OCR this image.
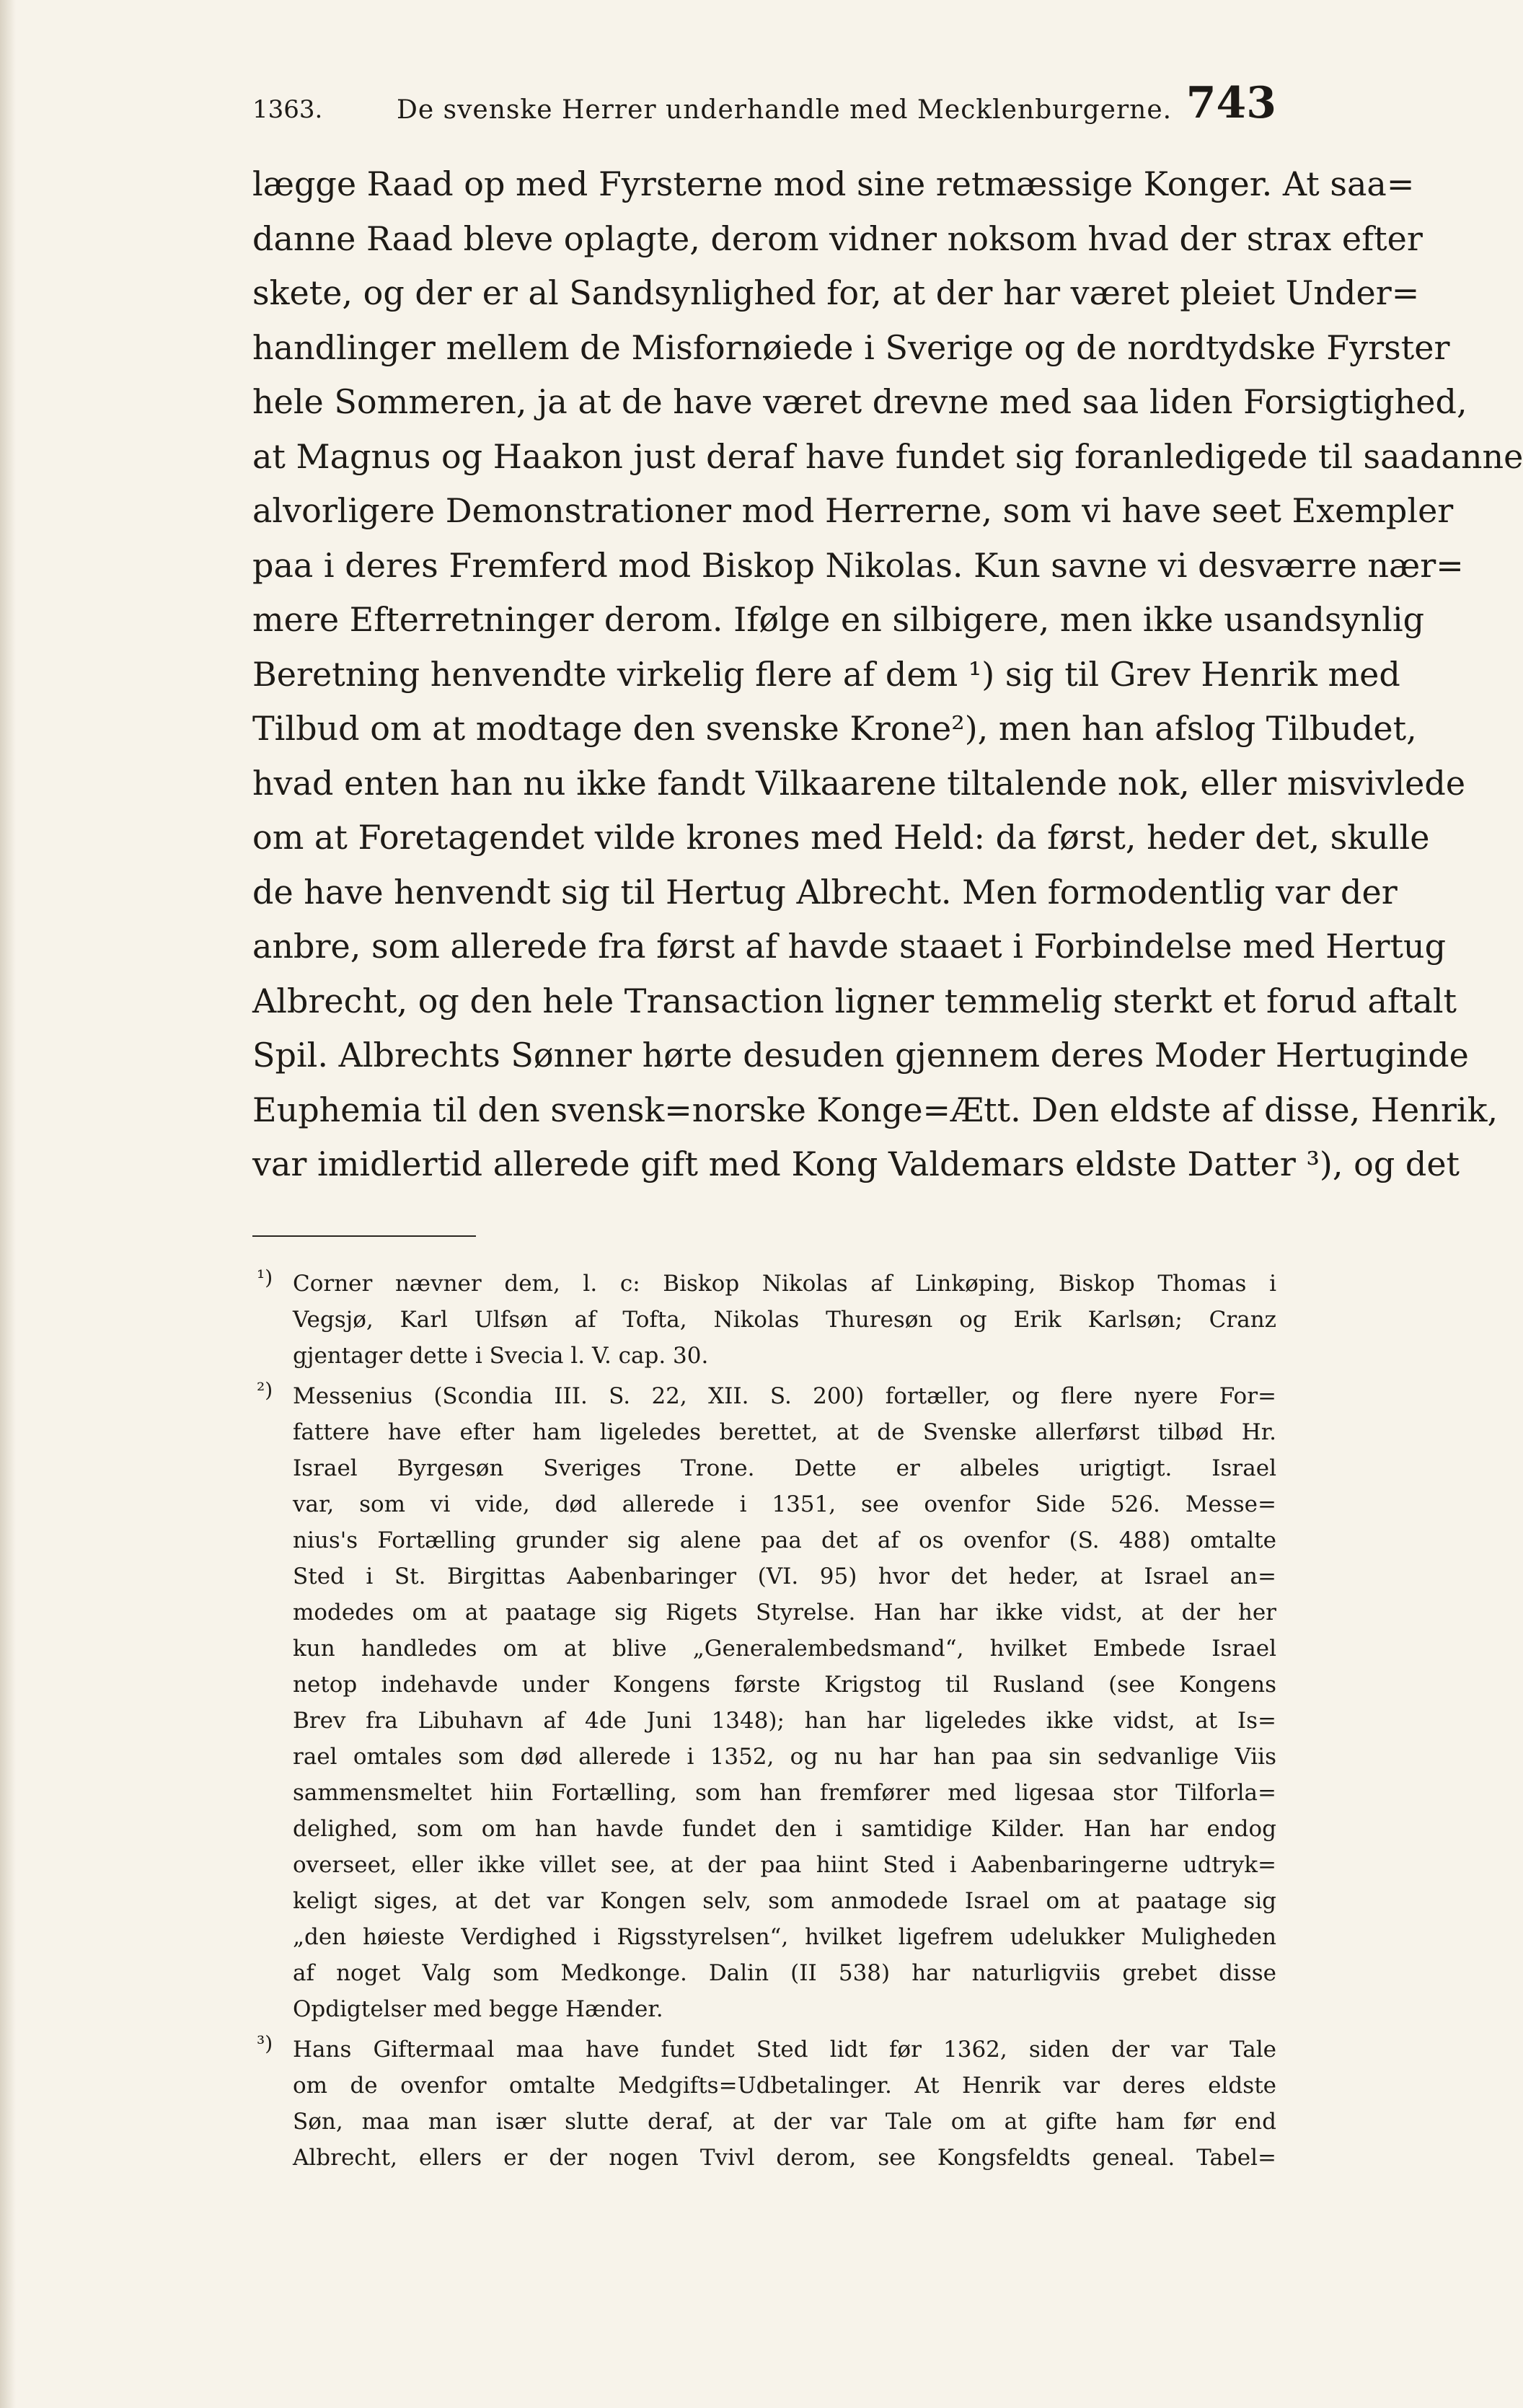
1363.	De svenske Herrer underhandle med Mecklenburgerne. 743

lægge Raad op med Fyrsterne mod sine retmæssige Konger. At saa=

danne Raad bleve oplagte, derom vidner noksom hvad der strax efter

skete, og der er al Sandsynlighed for, at der har været pleiet Under=

handlinger mellem de Misfornøiede i Sverige og de nordtydske Fyrster

hele Sommeren, ja at de have været drevne med saa liden Forsigtighed,

at Magnus og Haakon just deraf have fundet sig foranledigede til saadanne

alvorligere Demonstrationer mod Herrerne, som vi have seet Exempler

paa i deres Fremferd mod Biskop Nikolas. Kun savne vi desværre nær=

mere Efterretninger derom. Ifølge en silbigere, men ikke usandsynlig

Beretning henvendte virkelig flere af dem ¹) sig til Grev Henrik med

Tilbud om at modtage den svenske Krone²), men han afslog Tilbudet,

hvad enten han nu ikke fandt Vilkaarene tiltalende nok, eller misvivlede

om at Foretagendet vilde krones med Held: da først, heder det, skulle

de have henvendt sig til Hertug Albrecht. Men formodentlig var der

anbre, som allerede fra først af havde staaet i Forbindelse med Hertug

Albrecht, og den hele Transaction ligner temmelig sterkt et forud aftalt

Spil. Albrechts Sønner hørte desuden gjennem deres Moder Hertuginde

Euphemia til den svensk=norske Konge=Ætt. Den eldste af disse, Henrik,

var imidlertid allerede gift med Kong Valdemars eldste Datter ³), og det

¹) Corner nævner dem, l. c: Biskop Nikolas af Linkøping, Biskop Thomas i

Vegsjø, Karl Ulfsøn af Tofta, Nikolas Thuresøn og Erik Karlsøn; Cranz

gjentager dette i Svecia l. V. cap. 30.

²) Messenius (Scondia III. S. 22, XII. S. 200) fortæller, og flere nyere For=

fattere have efter ham ligeledes berettet, at de Svenske allerførst tilbød Hr.

Israel Byrgesøn Sveriges Trone. Dette er albeles urigtigt. Israel

var, som vi vide, død allerede i 1351, see ovenfor Side 526. Messe=

nius's Fortælling grunder sig alene paa det af os ovenfor (S. 488) omtalte

Sted i St. Birgittas Aabenbaringer (VI. 95) hvor det heder, at Israel an=

modedes om at paatage sig Rigets Styrelse. Han har ikke vidst, at der her

kun handledes om at blive „Generalembedsmand“, hvilket Embede Israel

netop indehavde under Kongens første Krigstog til Rusland (see Kongens

Brev fra Libuhavn af 4de Juni 1348); han har ligeledes ikke vidst, at Is=

rael omtales som død allerede i 1352, og nu har han paa sin sedvanlige Viis

sammensmeltet hiin Fortælling, som han fremfører med ligesaa stor Tilforla=

delighed, som om han havde fundet den i samtidige Kilder. Han har endog

overseet, eller ikke villet see, at der paa hiint Sted i Aabenbaringerne udtryk=

keligt siges, at det var Kongen selv, som anmodede Israel om at paatage sig

„den høieste Verdighed i Rigsstyrelsen“, hvilket ligefrem udelukker Muligheden

af noget Valg som Medkonge. Dalin (II 538) har naturligviis grebet disse

Opdigtelser med begge Hænder.

³) Hans Giftermaal maa have fundet Sted lidt før 1362, siden der var Tale

om de ovenfor omtalte Medgifts=Udbetalinger. At Henrik var deres eldste

Søn, maa man især slutte deraf, at der var Tale om at gifte ham før end

Albrecht, ellers er der nogen Tvivl derom, see Kongsfeldts geneal. Tabel=
